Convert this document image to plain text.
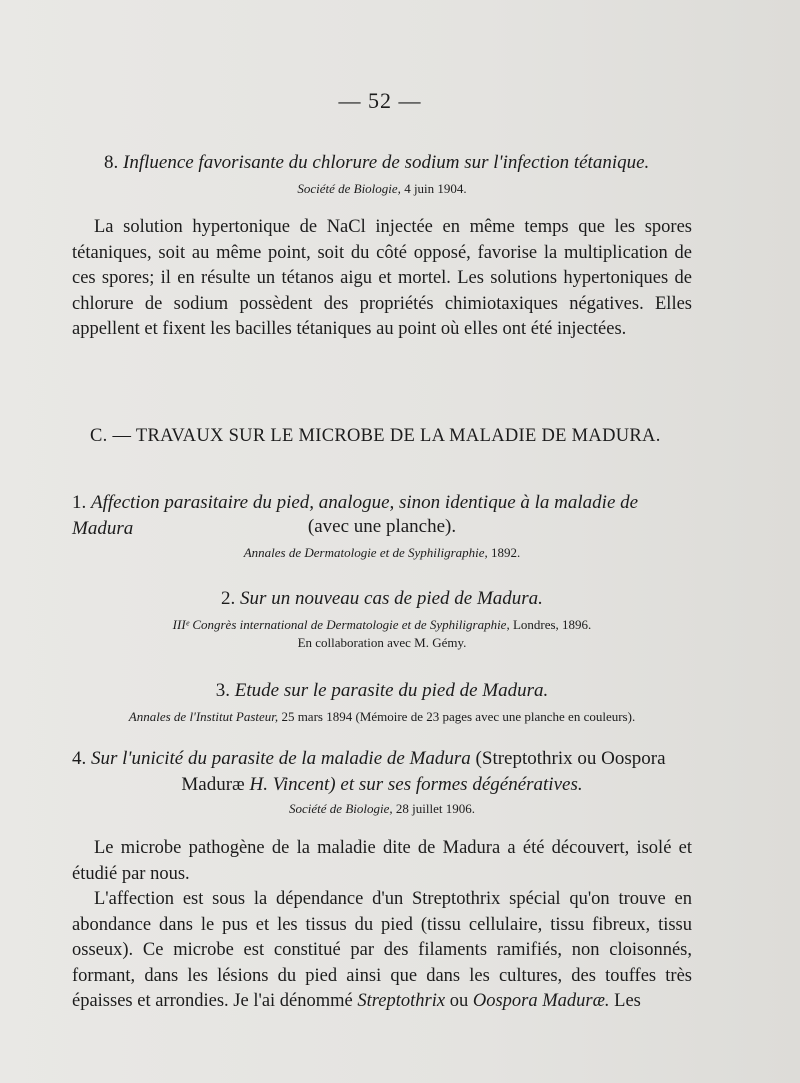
— 52 —
8. Influence favorisante du chlorure de sodium sur l'infection tétanique.
Société de Biologie, 4 juin 1904.
La solution hypertonique de NaCl injectée en même temps que les spores tétaniques, soit au même point, soit du côté opposé, favorise la multiplication de ces spores; il en résulte un tétanos aigu et mortel. Les solutions hypertoniques de chlorure de sodium possèdent des propriétés chimiotaxiques négatives. Elles appellent et fixent les bacilles tétaniques au point où elles ont été injectées.
C. — TRAVAUX SUR LE MICROBE DE LA MALADIE DE MADURA.
1. Affection parasitaire du pied, analogue, sinon identique à la maladie de Madura	(avec une planche).
Annales de Dermatologie et de Syphiligraphie, 1892.
2. Sur un nouveau cas de pied de Madura.
IIIᵉ Congrès international de Dermatologie et de Syphiligraphie, Londres, 1896.
En collaboration avec M. Gémy.
3. Etude sur le parasite du pied de Madura.
Annales de l'Institut Pasteur, 25 mars 1894 (Mémoire de 23 pages avec une planche en couleurs).
4. Sur l'unicité du parasite de la maladie de Madura (Streptothrix ou Oospora
Maduræ H. Vincent) et sur ses formes dégénératives.
Société de Biologie, 28 juillet 1906.
Le microbe pathogène de la maladie dite de Madura a été découvert, isolé et étudié par nous.
L'affection est sous la dépendance d'un Streptothrix spécial qu'on trouve en abondance dans le pus et les tissus du pied (tissu cellulaire, tissu fibreux, tissu osseux). Ce microbe est constitué par des filaments ramifiés, non cloisonnés, formant, dans les lésions du pied ainsi que dans les cultures, des touffes très épaisses et arrondies. Je l'ai dénommé Streptothrix ou Oospora Maduræ. Les
